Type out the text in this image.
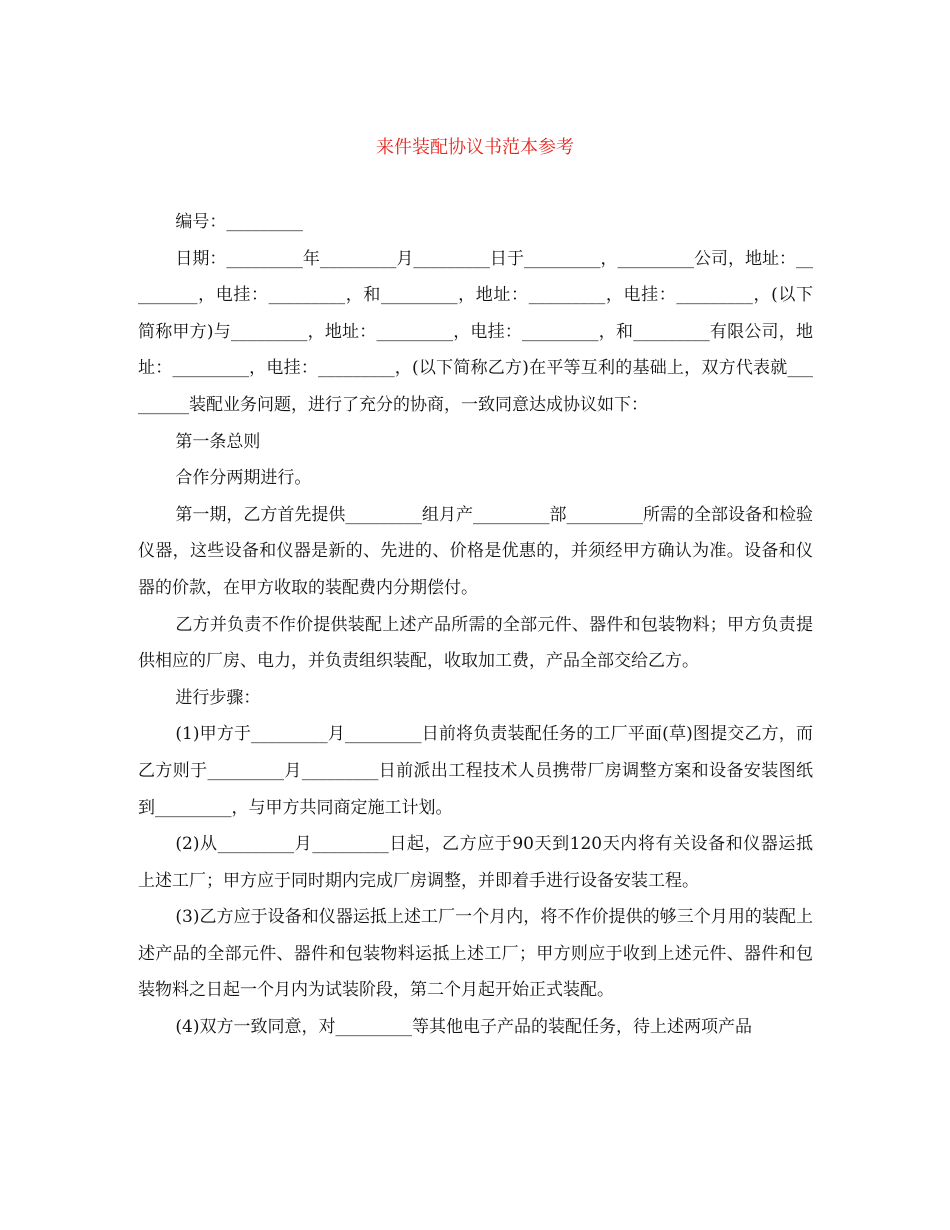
来件装配协议书范本参考

编号：_________

日期：_________年_________月_________日于_________，_________公司，地址：_________，电挂：_________，和_________，地址：_________，电挂：_________，(以下简称甲方)与_________，地址：_________，电挂：_________，和_________有限公司，地址：_________，电挂：_________，(以下简称乙方)在平等互利的基础上，双方代表就_________装配业务问题，进行了充分的协商，一致同意达成协议如下：

第一条总则

合作分两期进行。

第一期，乙方首先提供_________组月产_________部_________所需的全部设备和检验仪器，这些设备和仪器是新的、先进的、价格是优惠的，并须经甲方确认为准。设备和仪器的价款，在甲方收取的装配费内分期偿付。

乙方并负责不作价提供装配上述产品所需的全部元件、器件和包装物料；甲方负责提供相应的厂房、电力，并负责组织装配，收取加工费，产品全部交给乙方。

进行步骤：

(1)甲方于_________月_________日前将负责装配任务的工厂平面(草)图提交乙方，而乙方则于_________月_________日前派出工程技术人员携带厂房调整方案和设备安装图纸到_________，与甲方共同商定施工计划。

(2)从_________月_________日起，乙方应于90天到120天内将有关设备和仪器运抵上述工厂；甲方应于同时期内完成厂房调整，并即着手进行设备安装工程。

(3)乙方应于设备和仪器运抵上述工厂一个月内，将不作价提供的够三个月用的装配上述产品的全部元件、器件和包装物料运抵上述工厂；甲方则应于收到上述元件、器件和包装物料之日起一个月内为试装阶段，第二个月起开始正式装配。

(4)双方一致同意，对_________等其他电子产品的装配任务，待上述两项产品
